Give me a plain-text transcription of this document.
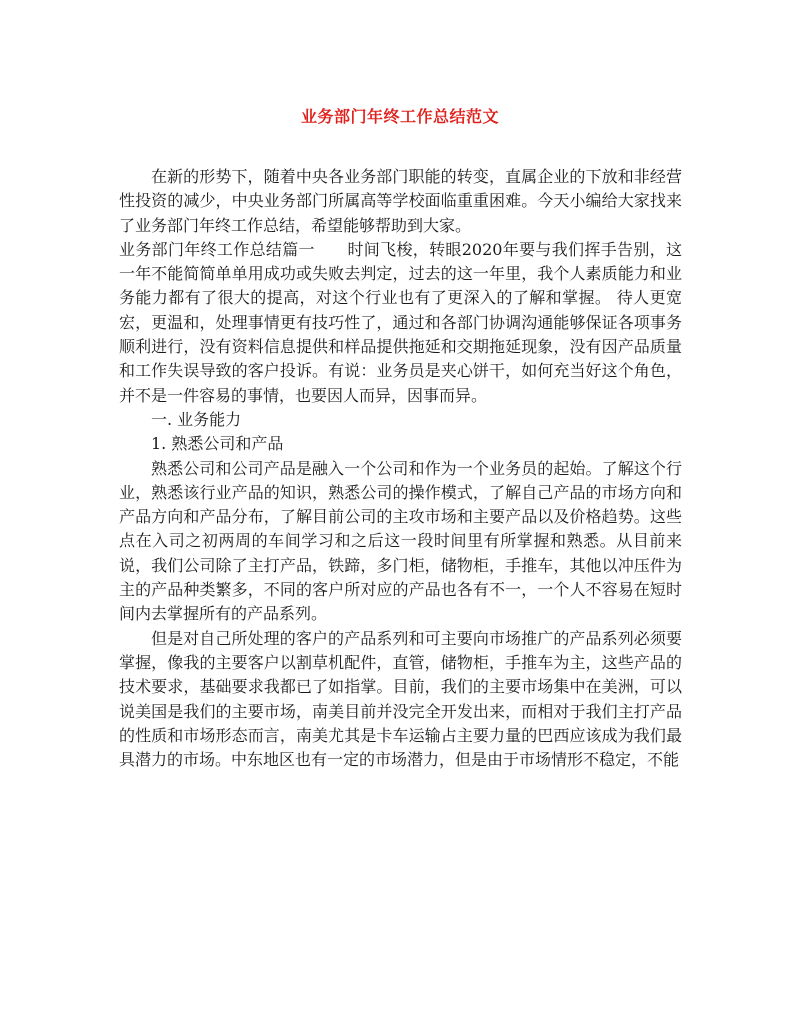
业务部门年终工作总结范文

在新的形势下，随着中央各业务部门职能的转变，直属企业的下放和非经营性投资的减少，中央业务部门所属高等学校面临重重困难。今天小编给大家找来了业务部门年终工作总结，希望能够帮助到大家。

业务部门年终工作总结篇一　　时间飞梭，转眼2020年要与我们挥手告别，这一年不能简简单单用成功或失败去判定，过去的这一年里，我个人素质能力和业务能力都有了很大的提高，对这个行业也有了更深入的了解和掌握。 待人更宽宏，更温和，处理事情更有技巧性了，通过和各部门协调沟通能够保证各项事务顺利进行，没有资料信息提供和样品提供拖延和交期拖延现象，没有因产品质量和工作失误导致的客户投诉。有说：业务员是夹心饼干，如何充当好这个角色，并不是一件容易的事情，也要因人而异，因事而异。

一. 业务能力

1. 熟悉公司和产品

熟悉公司和公司产品是融入一个公司和作为一个业务员的起始。了解这个行业，熟悉该行业产品的知识，熟悉公司的操作模式，了解自己产品的市场方向和产品方向和产品分布，了解目前公司的主攻市场和主要产品以及价格趋势。这些点在入司之初两周的车间学习和之后这一段时间里有所掌握和熟悉。从目前来说，我们公司除了主打产品，铁蹄，多门柜，储物柜，手推车，其他以冲压件为主的产品种类繁多，不同的客户所对应的产品也各有不一，一个人不容易在短时间内去掌握所有的产品系列。

但是对自己所处理的客户的产品系列和可主要向市场推广的产品系列必须要掌握，像我的主要客户以割草机配件，直管，储物柜，手推车为主，这些产品的技术要求，基础要求我都已了如指掌。目前，我们的主要市场集中在美洲，可以说美国是我们的主要市场，南美目前并没完全开发出来，而相对于我们主打产品的性质和市场形态而言，南美尤其是卡车运输占主要力量的巴西应该成为我们最具潜力的市场。中东地区也有一定的市场潜力，但是由于市场情形不稳定，不能
